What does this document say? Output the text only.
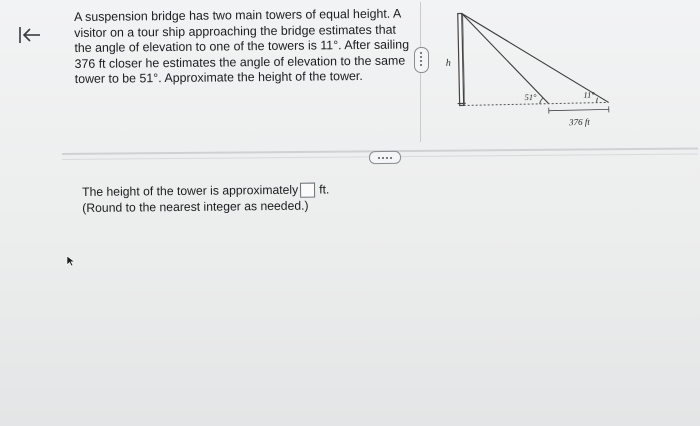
A suspension bridge has two main towers of equal height. A visitor on a tour ship approaching the bridge estimates that the angle of elevation to one of the towers is 11°. After sailing 376 ft closer he estimates the angle of elevation to the same tower to be 51°. Approximate the height of the tower.
h
51°	11°
376 ft
The height of the tower is approximately ft.
(Round to the nearest integer as needed.)
